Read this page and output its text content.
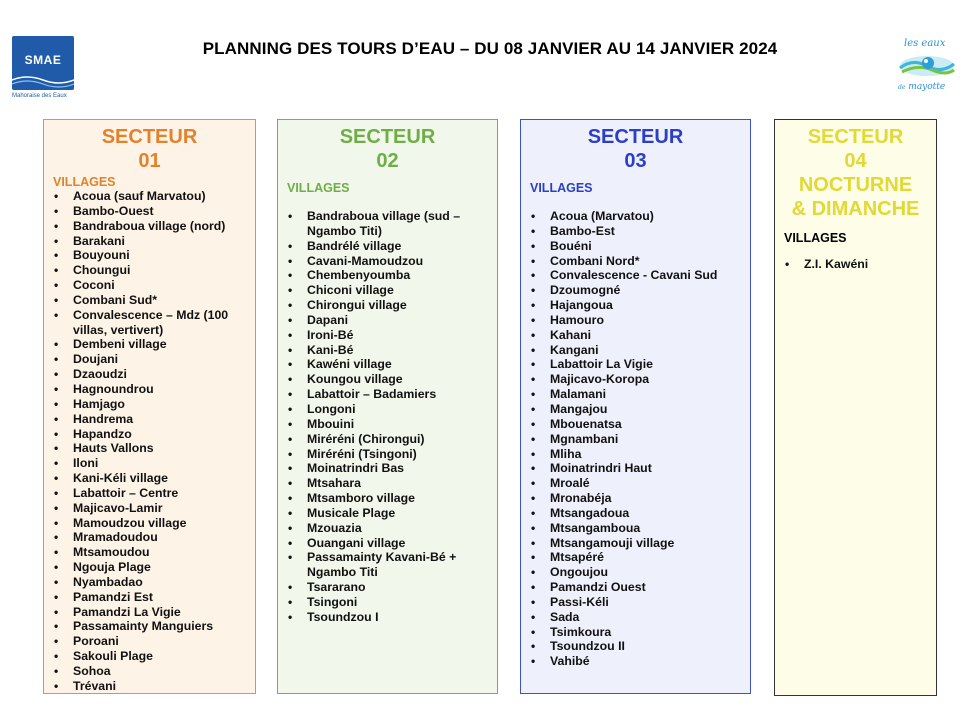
SMAE
Mahoraise des Eaux
PLANNING DES TOURS D’EAU – DU 08 JANVIER AU 14 JANVIER 2024	les eaux
de mayotte
SECTEUR
01
VILLAGES
• Acoua (sauf Marvatou)
• Bambo-Ouest
• Bandraboua village (nord)
• Barakani
• Bouyouni
• Choungui
• Coconi
• Combani Sud*
• Convalescence – Mdz (100 villas, vertivert)
• Dembeni village
• Doujani
• Dzaoudzi
• Hagnoundrou
• Hamjago
• Handrema
• Hapandzo
• Hauts Vallons
• Iloni
• Kani-Kéli village
• Labattoir – Centre
• Majicavo-Lamir
• Mamoudzou village
• Mramadoudou
• Mtsamoudou
• Ngouja Plage
• Nyambadao
• Pamandzi Est
• Pamandzi La Vigie
• Passamainty Manguiers
• Poroani
• Sakouli Plage
• Sohoa
• Trévani
SECTEUR
02
VILLAGES
• Bandraboua village (sud – Ngambo Titi)
• Bandrélé village
• Cavani-Mamoudzou
• Chembenyoumba
• Chiconi village
• Chirongui village
• Dapani
• Ironi-Bé
• Kani-Bé
• Kawéni village
• Koungou village
• Labattoir – Badamiers
• Longoni
• Mbouini
• Miréréni (Chirongui)
• Miréréni (Tsingoni)
• Moinatrindri Bas
• Mtsahara
• Mtsamboro village
• Musicale Plage
• Mzouazia
• Ouangani village
• Passamainty Kavani-Bé + Ngambo Titi
• Tsararano
• Tsingoni
• Tsoundzou I
SECTEUR
03
VILLAGES
• Acoua (Marvatou)
• Bambo-Est
• Bouéni
• Combani Nord*
• Convalescence - Cavani Sud
• Dzoumogné
• Hajangoua
• Hamouro
• Kahani
• Kangani
• Labattoir La Vigie
• Majicavo-Koropa
• Malamani
• Mangajou
• Mbouenatsa
• Mgnambani
• Mliha
• Moinatrindri Haut
• Mroalé
• Mronabéja
• Mtsangadoua
• Mtsangamboua
• Mtsangamouji village
• Mtsapéré
• Ongoujou
• Pamandzi Ouest
• Passi-Kéli
• Sada
• Tsimkoura
• Tsoundzou II
• Vahibé
SECTEUR
04
NOCTURNE
& DIMANCHE
VILLAGES
• Z.I. Kawéni
